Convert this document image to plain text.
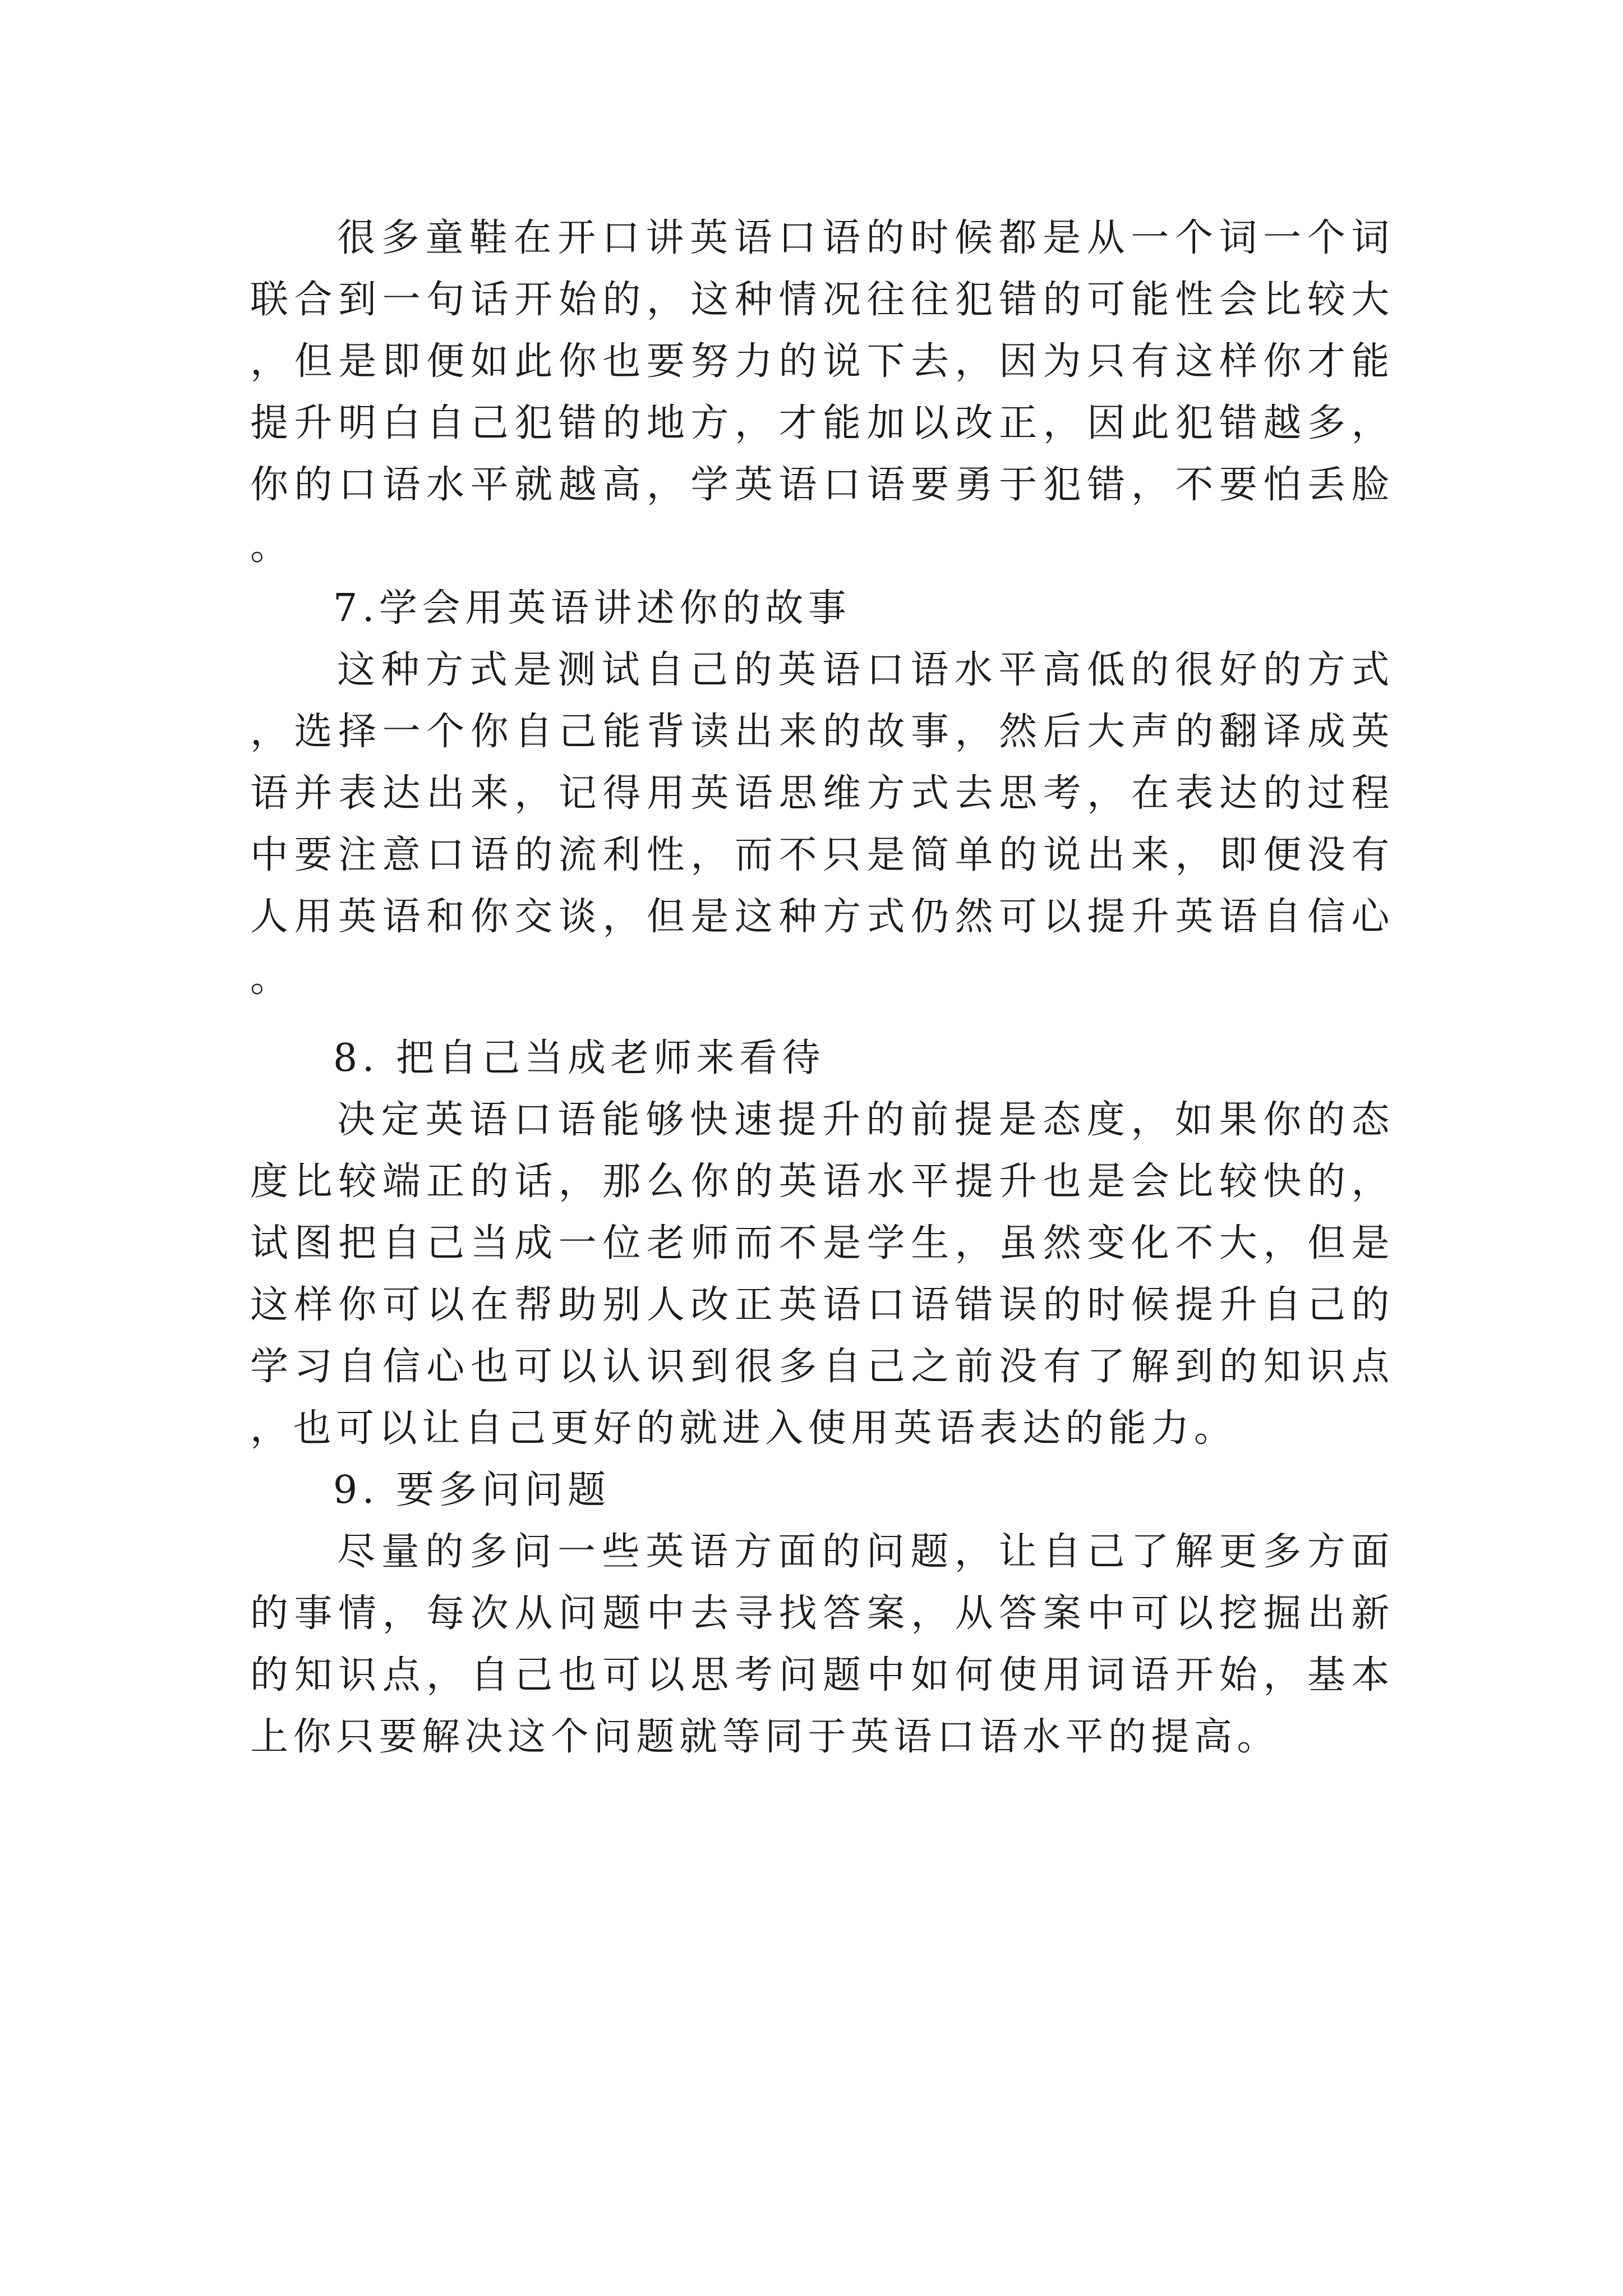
很多童鞋在开口讲英语口语的时候都是从一个词一个词联合到一句话开始的，这种情况往往犯错的可能性会比较大，但是即便如此你也要努力的说下去，因为只有这样你才能提升明白自己犯错的地方，才能加以改正，因此犯错越多，你的口语水平就越高，学英语口语要勇于犯错，不要怕丢脸。

7.学会用英语讲述你的故事

这种方式是测试自己的英语口语水平高低的很好的方式，选择一个你自己能背读出来的故事，然后大声的翻译成英语并表达出来，记得用英语思维方式去思考，在表达的过程中要注意口语的流利性，而不只是简单的说出来，即便没有人用英语和你交谈，但是这种方式仍然可以提升英语自信心。

8. 把自己当成老师来看待

决定英语口语能够快速提升的前提是态度，如果你的态度比较端正的话，那么你的英语水平提升也是会比较快的，试图把自己当成一位老师而不是学生，虽然变化不大，但是这样你可以在帮助别人改正英语口语错误的时候提升自己的学习自信心也可以认识到很多自己之前没有了解到的知识点，也可以让自己更好的就进入使用英语表达的能力。

9. 要多问问题

尽量的多问一些英语方面的问题，让自己了解更多方面的事情，每次从问题中去寻找答案，从答案中可以挖掘出新的知识点，自己也可以思考问题中如何使用词语开始，基本上你只要解决这个问题就等同于英语口语水平的提高。
